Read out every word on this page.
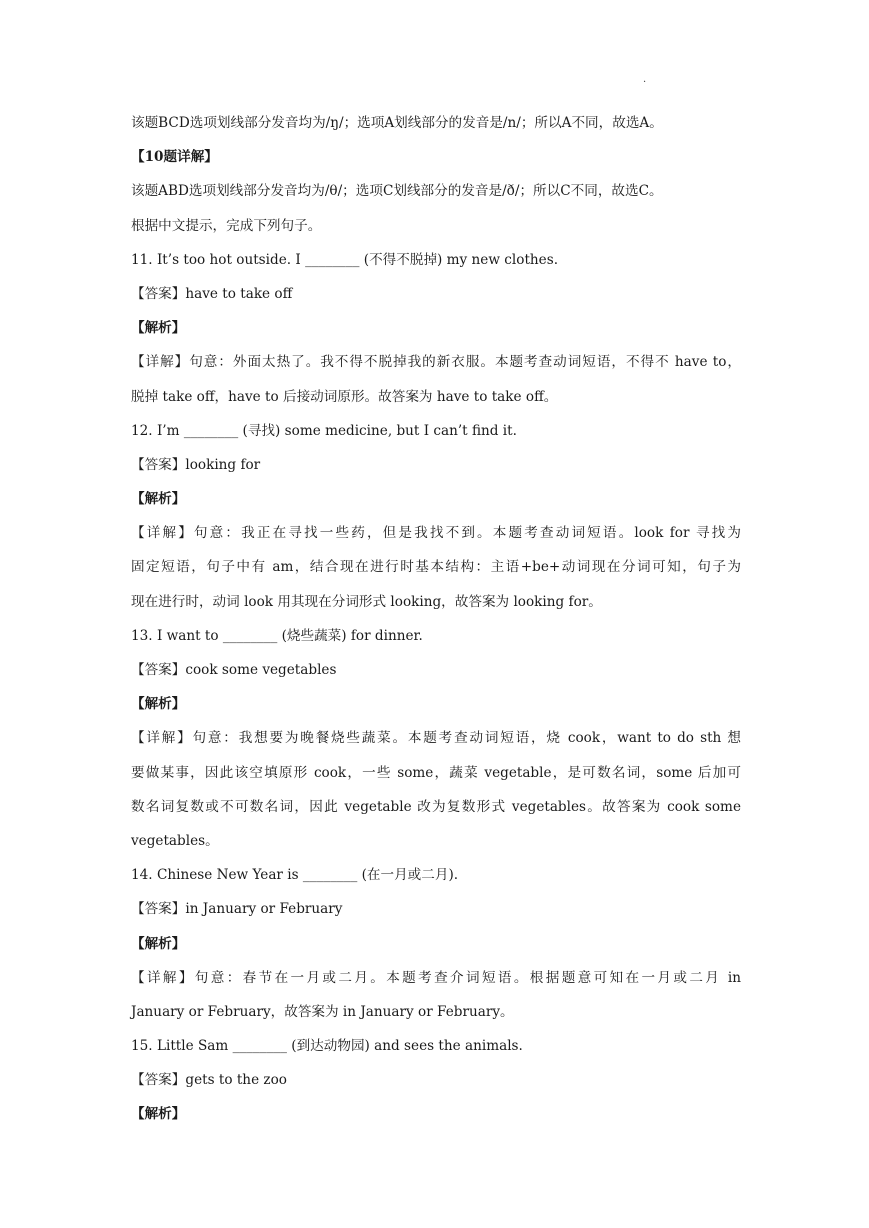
·
该题BCD选项划线部分发音均为/ŋ/；选项A划线部分的发音是/n/；所以A不同，故选A。
【10题详解】
该题ABD选项划线部分发音均为/θ/；选项C划线部分的发音是/ð/；所以C不同，故选C。
根据中文提示，完成下列句子。
11. It’s too hot outside. I ________ (不得不脱掉) my new clothes.
【答案】have to take off
【解析】
【详解】句意：外面太热了。我不得不脱掉我的新衣服。本题考查动词短语，不得不 have to，
脱掉 take off，have to 后接动词原形。故答案为 have to take off。
12. I’m ________ (寻找) some medicine, but I can’t find it.
【答案】looking for
【解析】
【详解】句意：我正在寻找一些药，但是我找不到。本题考查动词短语。look for 寻找为
固定短语，句子中有 am，结合现在进行时基本结构：主语+be+动词现在分词可知，句子为
现在进行时，动词 look 用其现在分词形式 looking，故答案为 looking for。
13. I want to ________ (烧些蔬菜) for dinner.
【答案】cook some vegetables
【解析】
【详解】句意：我想要为晚餐烧些蔬菜。本题考查动词短语，烧 cook，want to do sth 想
要做某事，因此该空填原形 cook，一些 some，蔬菜 vegetable，是可数名词，some 后加可
数名词复数或不可数名词，因此 vegetable 改为复数形式 vegetables。故答案为 cook some
vegetables。
14. Chinese New Year is ________ (在一月或二月).
【答案】in January or February
【解析】
【详解】句意：春节在一月或二月。本题考查介词短语。根据题意可知在一月或二月 in
January or February，故答案为 in January or February。
15. Little Sam ________ (到达动物园) and sees the animals.
【答案】gets to the zoo
【解析】
